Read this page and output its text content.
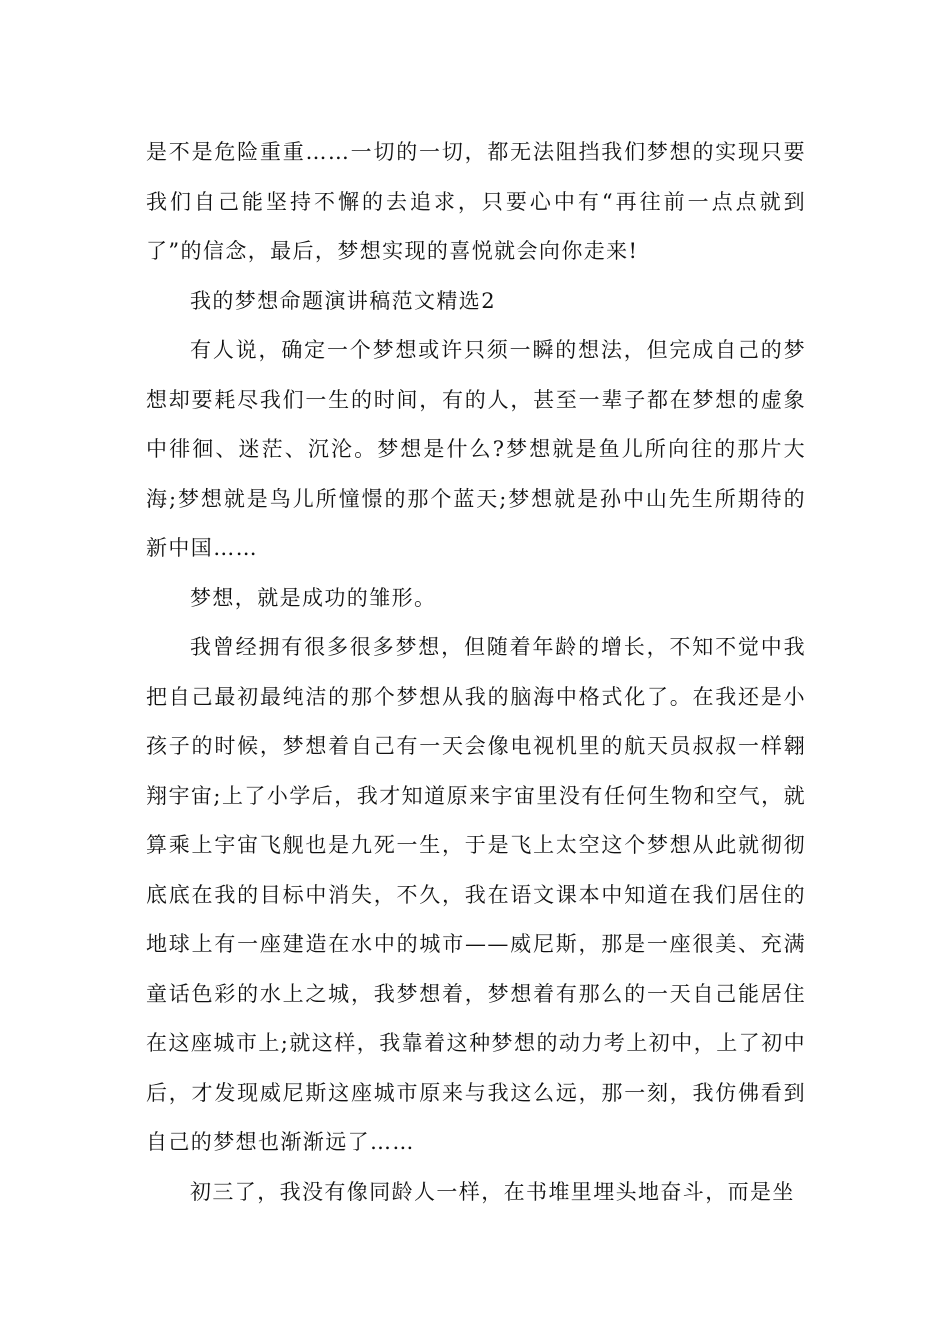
是不是危险重重……一切的一切，都无法阻挡我们梦想的实现只要我们自己能坚持不懈的去追求，只要心中有“再往前一点点就到了”的信念，最后，梦想实现的喜悦就会向你走来!

我的梦想命题演讲稿范文精选2

有人说，确定一个梦想或许只须一瞬的想法，但完成自己的梦想却要耗尽我们一生的时间，有的人，甚至一辈子都在梦想的虚象中徘徊、迷茫、沉沦。梦想是什么?梦想就是鱼儿所向往的那片大海;梦想就是鸟儿所憧憬的那个蓝天;梦想就是孙中山先生所期待的新中国……

梦想，就是成功的雏形。

我曾经拥有很多很多梦想，但随着年龄的增长，不知不觉中我把自己最初最纯洁的那个梦想从我的脑海中格式化了。在我还是小孩子的时候，梦想着自己有一天会像电视机里的航天员叔叔一样翱翔宇宙;上了小学后，我才知道原来宇宙里没有任何生物和空气，就算乘上宇宙飞舰也是九死一生，于是飞上太空这个梦想从此就彻彻底底在我的目标中消失，不久，我在语文课本中知道在我们居住的地球上有一座建造在水中的城市——威尼斯，那是一座很美、充满童话色彩的水上之城，我梦想着，梦想着有那么的一天自己能居住在这座城市上;就这样，我靠着这种梦想的动力考上初中，上了初中后，才发现威尼斯这座城市原来与我这么远，那一刻，我仿佛看到自己的梦想也渐渐远了……

初三了，我没有像同龄人一样，在书堆里埋头地奋斗，而是坐
